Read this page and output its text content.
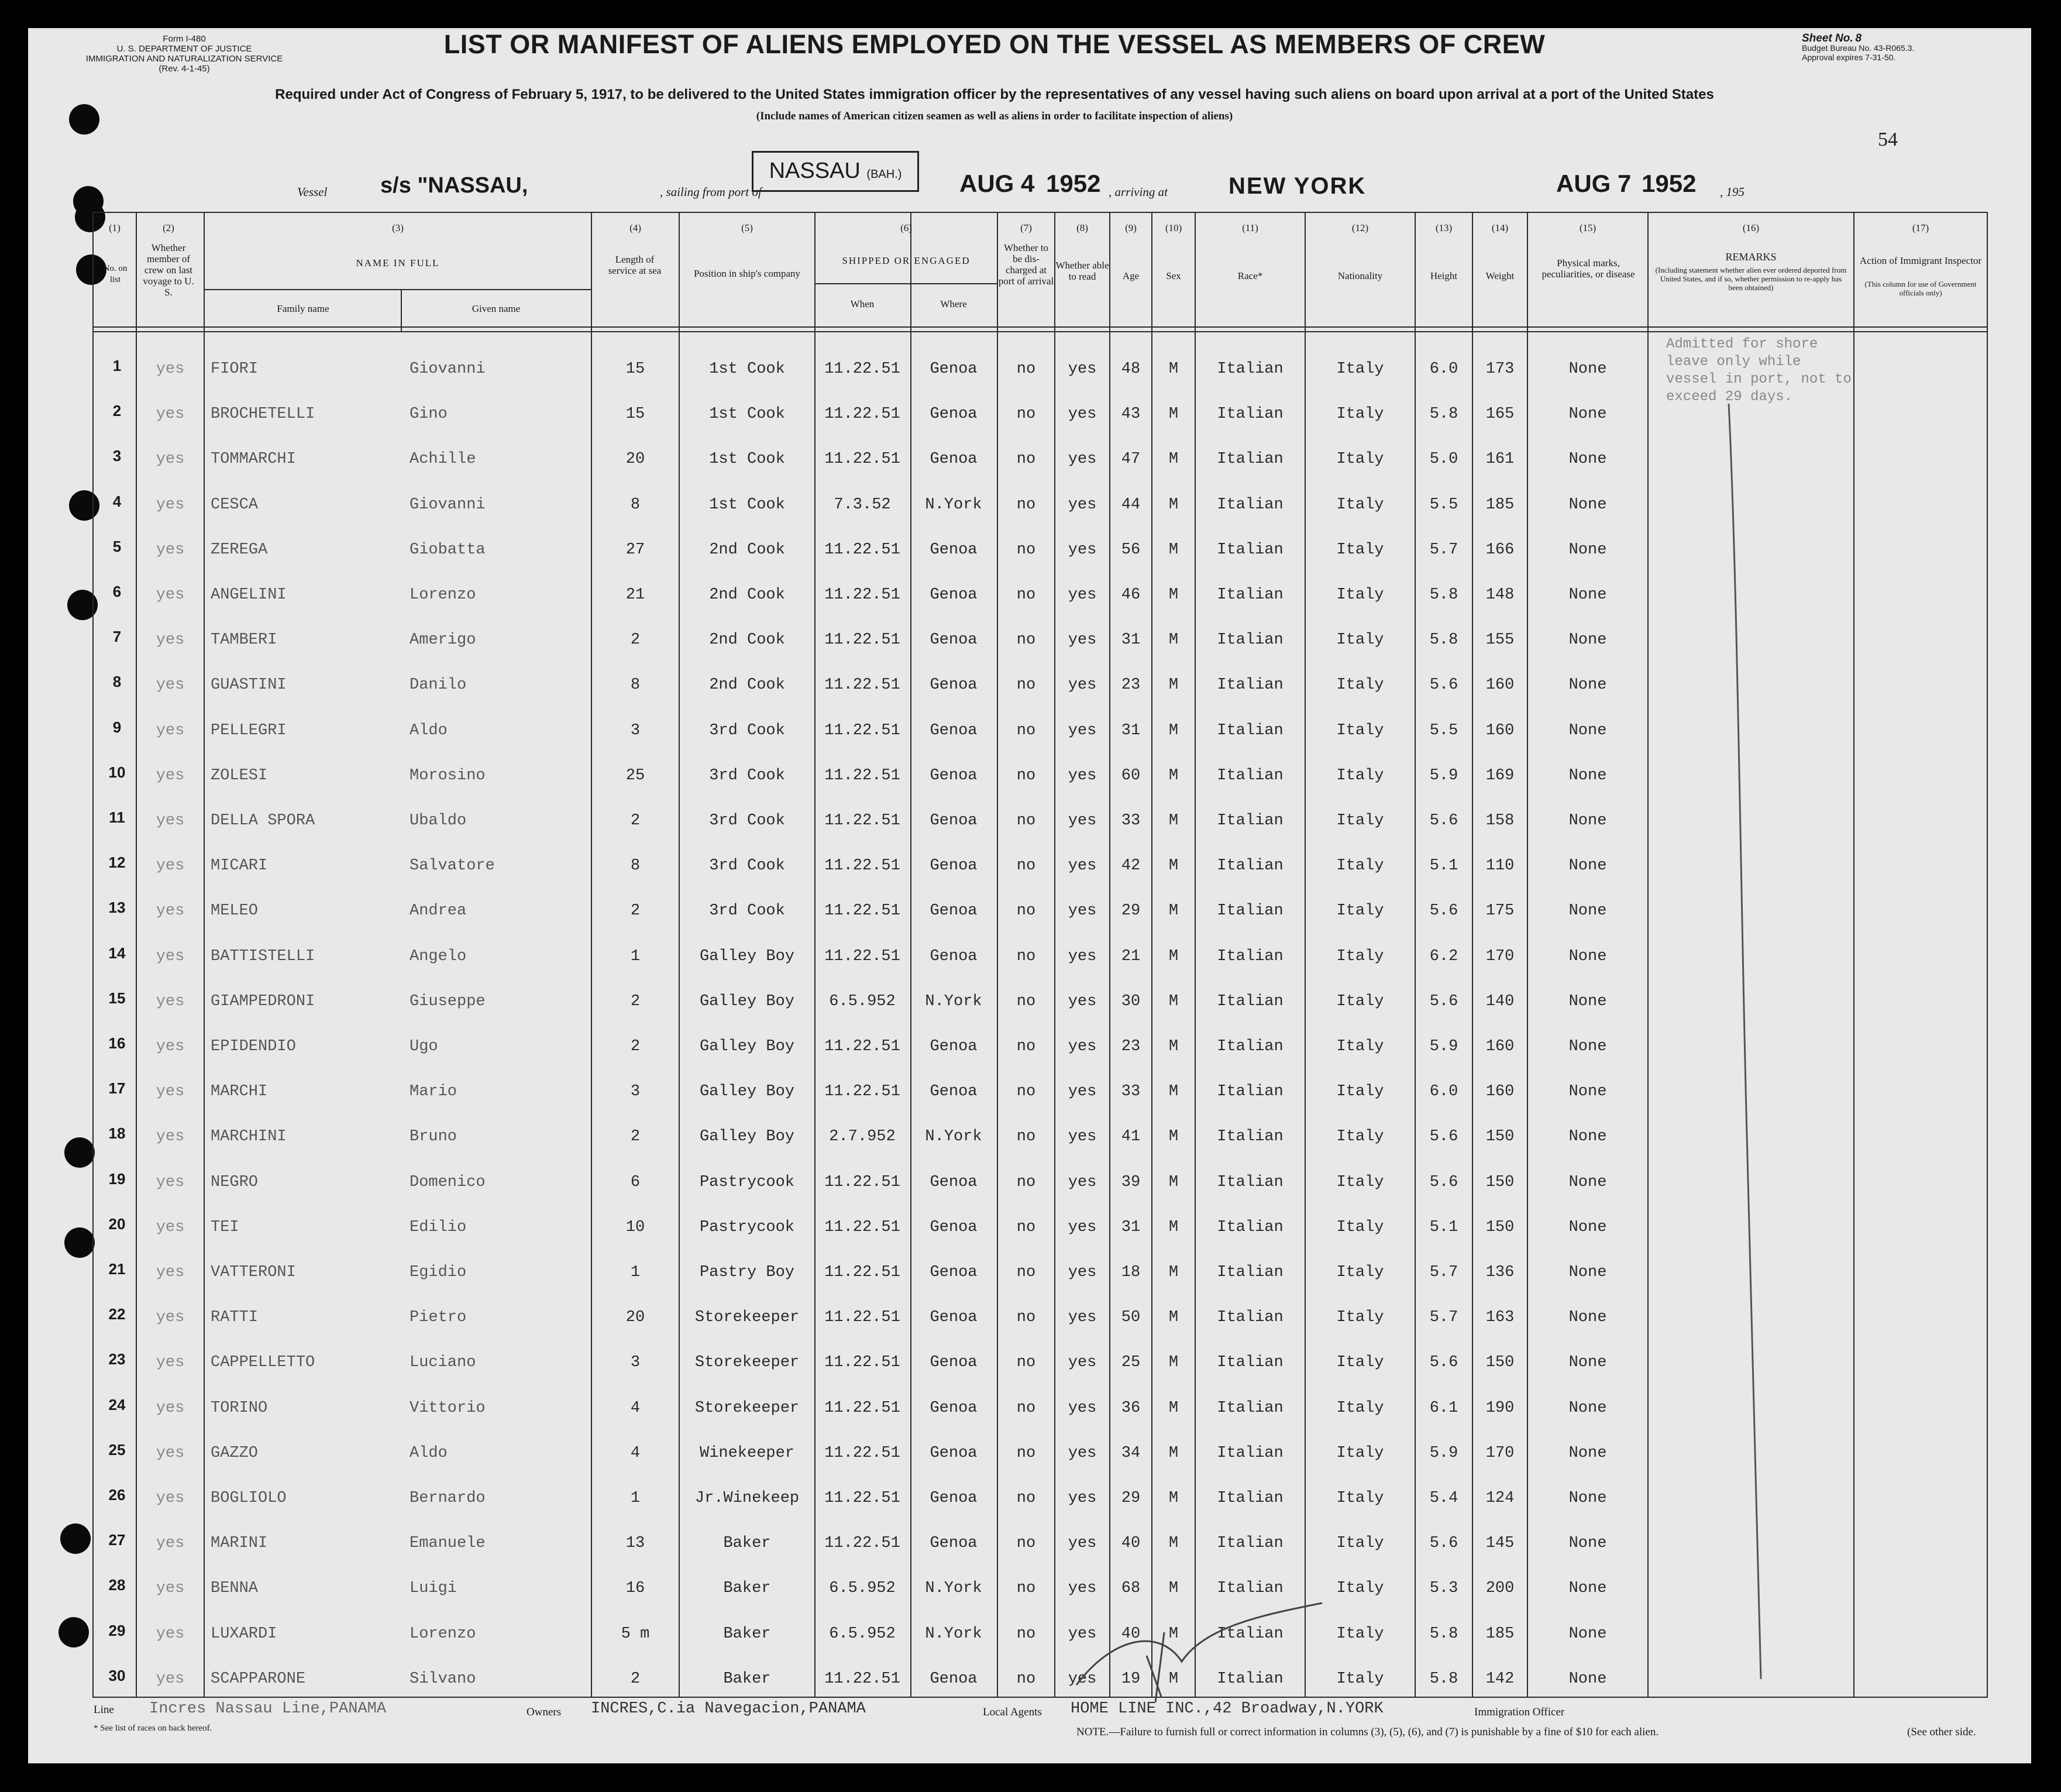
Form I-480
U. S. DEPARTMENT OF JUSTICE
IMMIGRATION AND NATURALIZATION SERVICE
(Rev. 4-1-45)
LIST OR MANIFEST OF ALIENS EMPLOYED ON THE VESSEL AS MEMBERS OF CREW
Required under Act of Congress of February 5, 1917, to be delivered to the United States immigration officer by the representatives of any vessel having such aliens on board upon arrival at a port of the United States
(Include names of American citizen seamen as well as aliens in order to facilitate inspection of aliens)
Sheet No. 8
Budget Bureau No. 43-R065.3.
Approval expires 7-31-50.
54
Vessel s/s "NASSAU,	, sailing from port of
NASSAU (BAH.)	AUG 4 1952 , arriving at	NEW YORK	AUG 7 1952 , 195
(1)
No. on list
(2)
Whether member of crew on last voyage to U. S.
(3)
NAME IN FULL
Family name	Given name
(4)
Length of service at sea
(5)
Position in ship's company
(6)
SHIPPED OR ENGAGED
When	Where
(7)
Whether to be dis-charged at port of arrival
(8)
Whether able to read
(9)
Age
(10)
Sex
(11)
Race*
(12)
Nationality
(13)
Height
(14)
Weight
(15)
Physical marks, peculiarities, or disease
(16)
REMARKS
(Including statement whether alien ever ordered deported from United States, and if so, whether permission to re-apply has been obtained)
(17)
Action of Immigrant Inspector
(This column for use of Government officials only)
Admitted for shore leave only while vessel in port, not to exceed 29 days.
1	yes	FIORI	Giovanni	15	1st Cook	11.22.51	Genoa	no	yes	48	M	Italian	Italy	6.0	173	None
2	yes	BROCHETELLI	Gino	15	1st Cook	11.22.51	Genoa	no	yes	43	M	Italian	Italy	5.8	165	None
3	yes	TOMMARCHI	Achille	20	1st Cook	11.22.51	Genoa	no	yes	47	M	Italian	Italy	5.0	161	None
4	yes	CESCA	Giovanni	8	1st Cook	7.3.52	N.York	no	yes	44	M	Italian	Italy	5.5	185	None
5	yes	ZEREGA	Giobatta	27	2nd Cook	11.22.51	Genoa	no	yes	56	M	Italian	Italy	5.7	166	None
6	yes	ANGELINI	Lorenzo	21	2nd Cook	11.22.51	Genoa	no	yes	46	M	Italian	Italy	5.8	148	None
7	yes	TAMBERI	Amerigo	2	2nd Cook	11.22.51	Genoa	no	yes	31	M	Italian	Italy	5.8	155	None
8	yes	GUASTINI	Danilo	8	2nd Cook	11.22.51	Genoa	no	yes	23	M	Italian	Italy	5.6	160	None
9	yes	PELLEGRI	Aldo	3	3rd Cook	11.22.51	Genoa	no	yes	31	M	Italian	Italy	5.5	160	None
10	yes	ZOLESI	Morosino	25	3rd Cook	11.22.51	Genoa	no	yes	60	M	Italian	Italy	5.9	169	None
11	yes	DELLA SPORA	Ubaldo	2	3rd Cook	11.22.51	Genoa	no	yes	33	M	Italian	Italy	5.6	158	None
12	yes	MICARI	Salvatore	8	3rd Cook	11.22.51	Genoa	no	yes	42	M	Italian	Italy	5.1	110	None
13	yes	MELEO	Andrea	2	3rd Cook	11.22.51	Genoa	no	yes	29	M	Italian	Italy	5.6	175	None
14	yes	BATTISTELLI	Angelo	1	Galley Boy	11.22.51	Genoa	no	yes	21	M	Italian	Italy	6.2	170	None
15	yes	GIAMPEDRONI	Giuseppe	2	Galley Boy	6.5.952	N.York	no	yes	30	M	Italian	Italy	5.6	140	None
16	yes	EPIDENDIO	Ugo	2	Galley Boy	11.22.51	Genoa	no	yes	23	M	Italian	Italy	5.9	160	None
17	yes	MARCHI	Mario	3	Galley Boy	11.22.51	Genoa	no	yes	33	M	Italian	Italy	6.0	160	None
18	yes	MARCHINI	Bruno	2	Galley Boy	2.7.952	N.York	no	yes	41	M	Italian	Italy	5.6	150	None
19	yes	NEGRO	Domenico	6	Pastrycook	11.22.51	Genoa	no	yes	39	M	Italian	Italy	5.6	150	None
20	yes	TEI	Edilio	10	Pastrycook	11.22.51	Genoa	no	yes	31	M	Italian	Italy	5.1	150	None
21	yes	VATTERONI	Egidio	1	Pastry Boy	11.22.51	Genoa	no	yes	18	M	Italian	Italy	5.7	136	None
22	yes	RATTI	Pietro	20	Storekeeper	11.22.51	Genoa	no	yes	50	M	Italian	Italy	5.7	163	None
23	yes	CAPPELLETTO	Luciano	3	Storekeeper	11.22.51	Genoa	no	yes	25	M	Italian	Italy	5.6	150	None
24	yes	TORINO	Vittorio	4	Storekeeper	11.22.51	Genoa	no	yes	36	M	Italian	Italy	6.1	190	None
25	yes	GAZZO	Aldo	4	Winekeeper	11.22.51	Genoa	no	yes	34	M	Italian	Italy	5.9	170	None
26	yes	BOGLIOLO	Bernardo	1	Jr.Winekeep	11.22.51	Genoa	no	yes	29	M	Italian	Italy	5.4	124	None
27	yes	MARINI	Emanuele	13	Baker	11.22.51	Genoa	no	yes	40	M	Italian	Italy	5.6	145	None
28	yes	BENNA	Luigi	16	Baker	6.5.952	N.York	no	yes	68	M	Italian	Italy	5.3	200	None
29	yes	LUXARDI	Lorenzo	5 m	Baker	6.5.952	N.York	no	yes	40	M	Italian	Italy	5.8	185	None
30	yes	SCAPPARONE	Silvano	2	Baker	11.22.51	Genoa	no	yes	19	M	Italian	Italy	5.8	142	None
Line Incres Nassau Line,PANAMA	Owners INCRES,C.ia Navegacion,PANAMA	Local Agents HOME LINE INC.,42 Broadway,N.YORK	Immigration Officer
* See list of races on back hereof.	NOTE.—Failure to furnish full or correct information in columns (3), (5), (6), and (7) is punishable by a fine of $10 for each alien.	(See other side.
